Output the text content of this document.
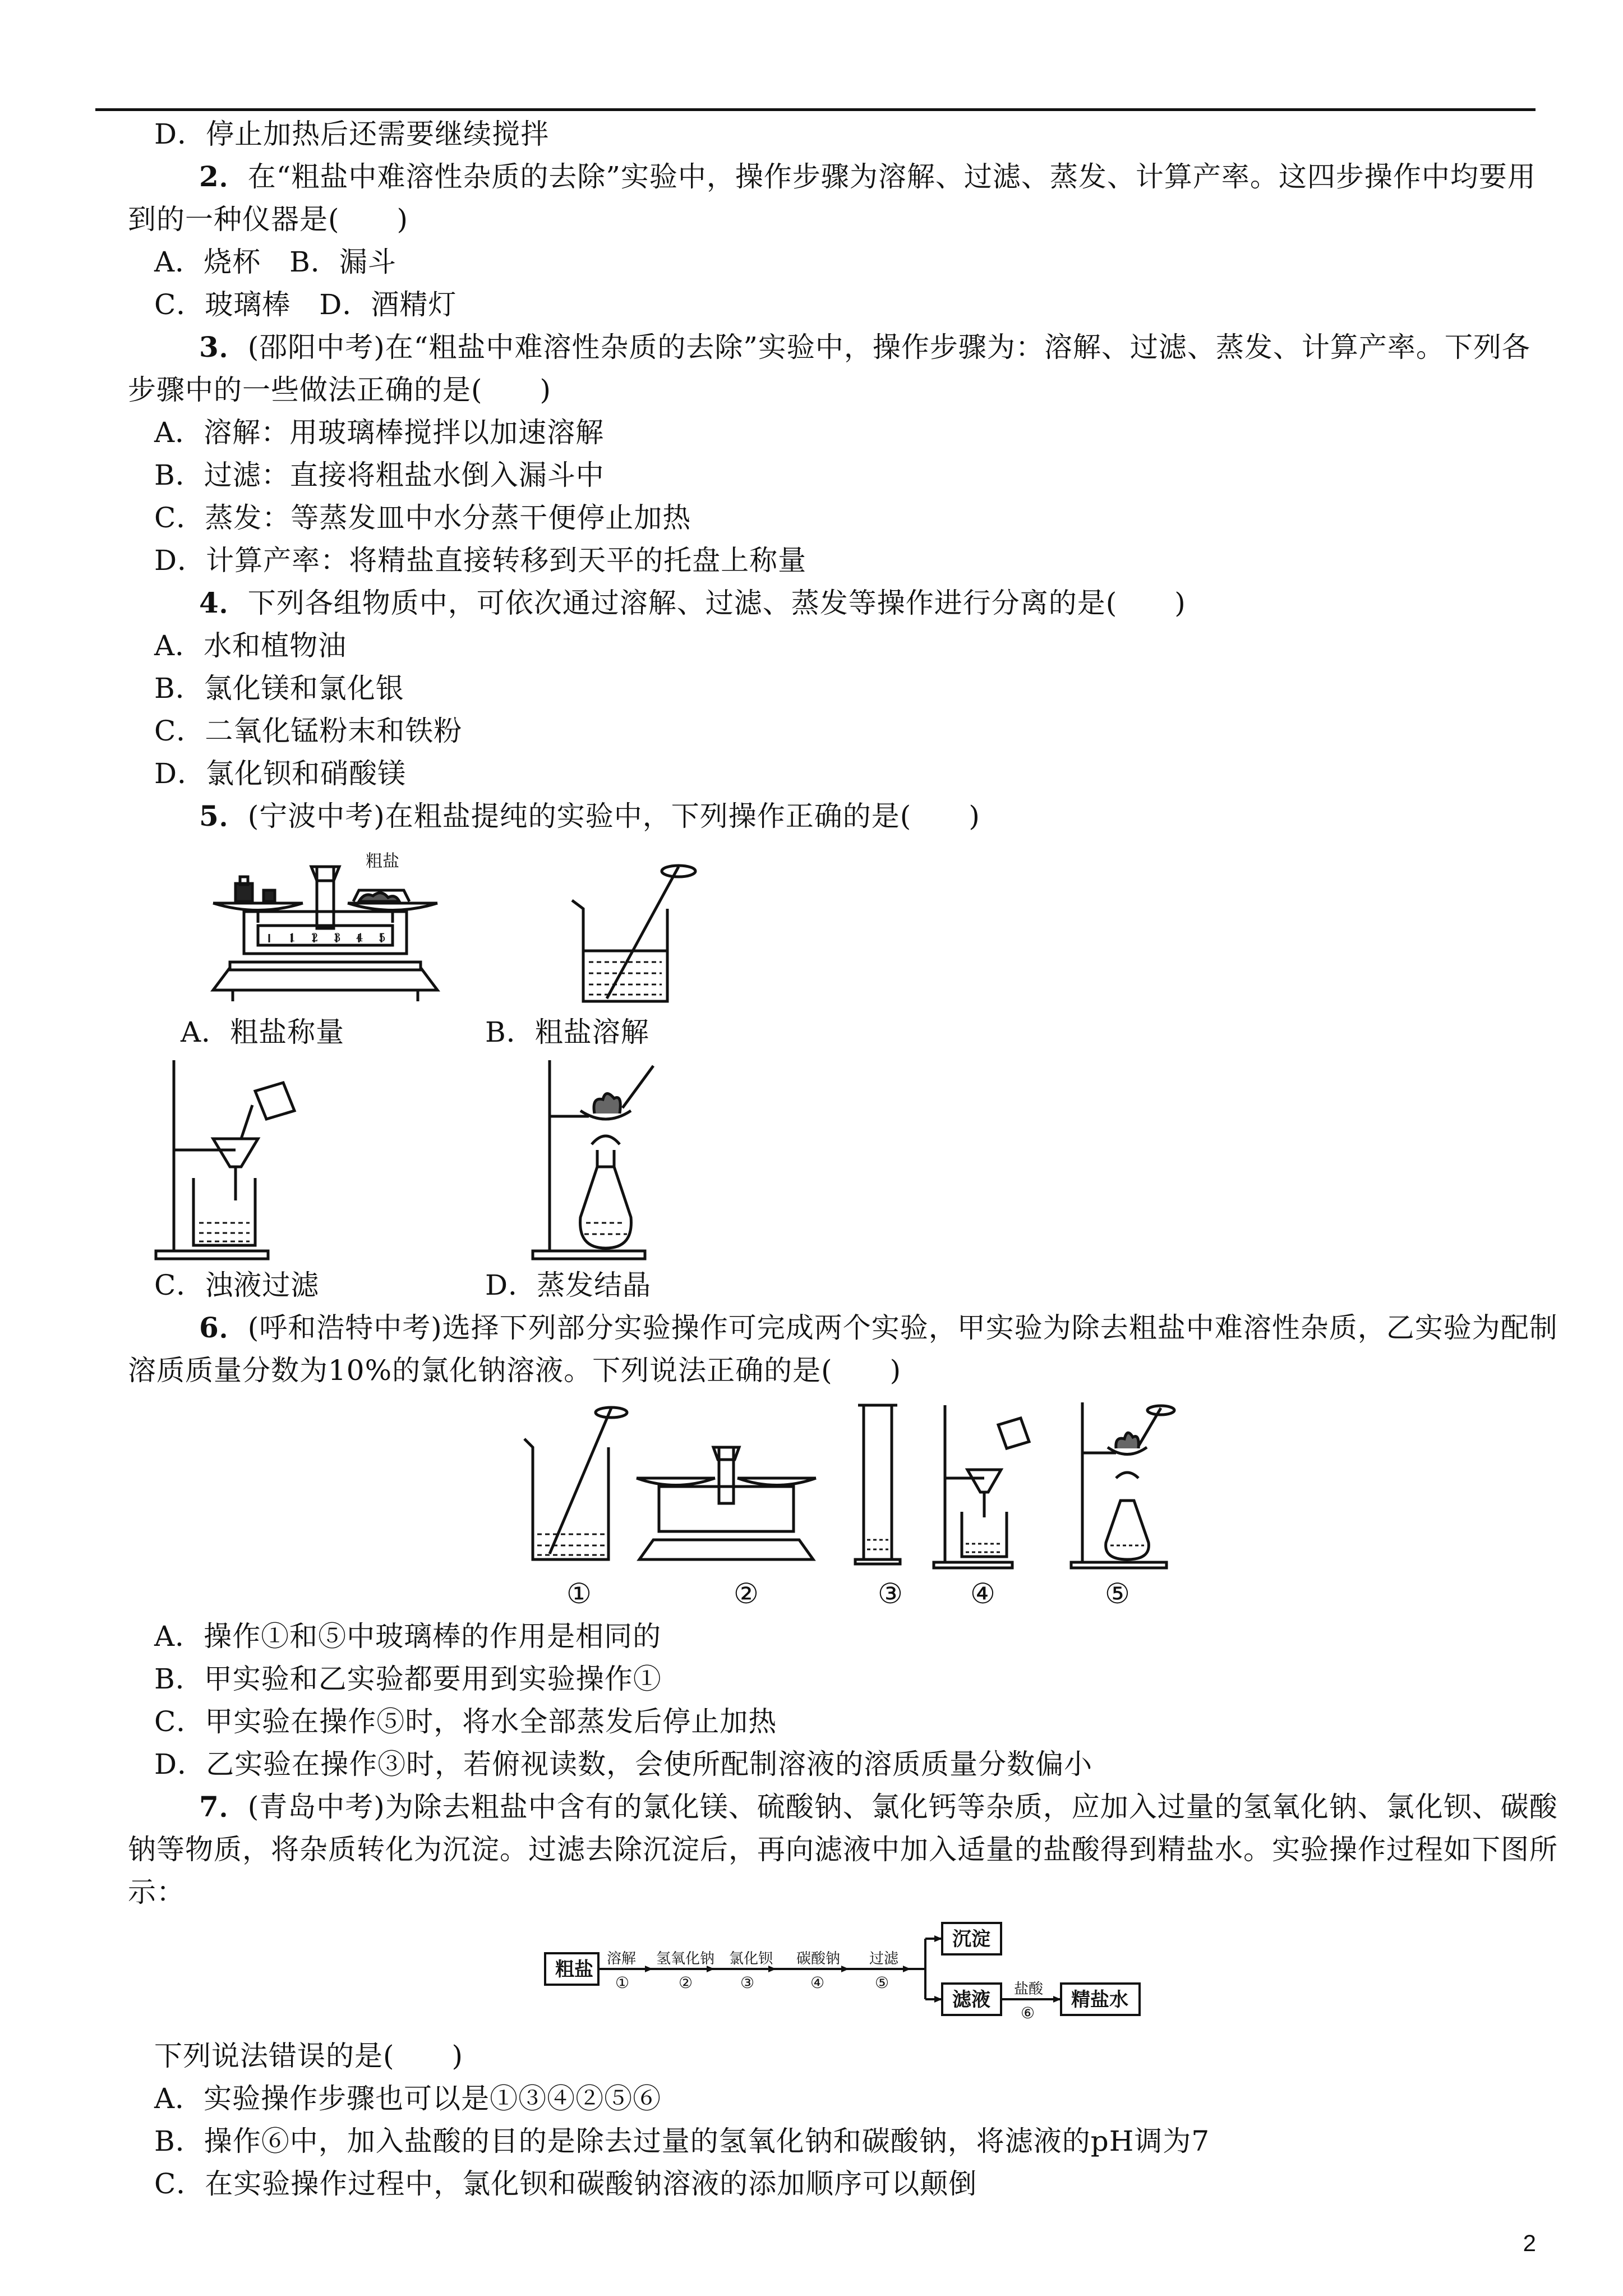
D．停止加热后还需要继续搅拌
2．在“粗盐中难溶性杂质的去除”实验中，操作步骤为溶解、过滤、蒸发、计算产率。这四步操作中均要用
到的一种仪器是(　　)
A．烧杯　B．漏斗
C．玻璃棒　D．酒精灯
3．(邵阳中考)在“粗盐中难溶性杂质的去除”实验中，操作步骤为：溶解、过滤、蒸发、计算产率。下列各
步骤中的一些做法正确的是(　　)
A．溶解：用玻璃棒搅拌以加速溶解
B．过滤：直接将粗盐水倒入漏斗中
C．蒸发：等蒸发皿中水分蒸干便停止加热
D．计算产率：将精盐直接转移到天平的托盘上称量
4．下列各组物质中，可依次通过溶解、过滤、蒸发等操作进行分离的是(　　)
A．水和植物油
B．氯化镁和氯化银
C．二氧化锰粉末和铁粉
D．氯化钡和硝酸镁
5．(宁波中考)在粗盐提纯的实验中，下列操作正确的是(　　)
粗盐
1 2 3 4 5
A．粗盐称量	B．粗盐溶解
C．浊液过滤	D．蒸发结晶
6．(呼和浩特中考)选择下列部分实验操作可完成两个实验，甲实验为除去粗盐中难溶性杂质，乙实验为配制
溶质质量分数为10%的氯化钠溶液。下列说法正确的是(　　)
①	②	③ ④	⑤
A．操作①和⑤中玻璃棒的作用是相同的
B．甲实验和乙实验都要用到实验操作①
C．甲实验在操作⑤时，将水全部蒸发后停止加热
D．乙实验在操作③时，若俯视读数，会使所配制溶液的溶质质量分数偏小
7．(青岛中考)为除去粗盐中含有的氯化镁、硫酸钠、氯化钙等杂质，应加入过量的氢氧化钠、氯化钡、碳酸
钠等物质，将杂质转化为沉淀。过滤去除沉淀后，再向滤液中加入适量的盐酸得到精盐水。实验操作过程如下图所
示：
粗盐 溶解
①
氢氧化钠
②
氯化钡
③
碳酸钠
④
过滤
⑤
沉淀
滤液 盐酸
⑥
精盐水
下列说法错误的是(　　)
A．实验操作步骤也可以是①③④②⑤⑥
B．操作⑥中，加入盐酸的目的是除去过量的氢氧化钠和碳酸钠，将滤液的pH调为7
C．在实验操作过程中，氯化钡和碳酸钠溶液的添加顺序可以颠倒
2
